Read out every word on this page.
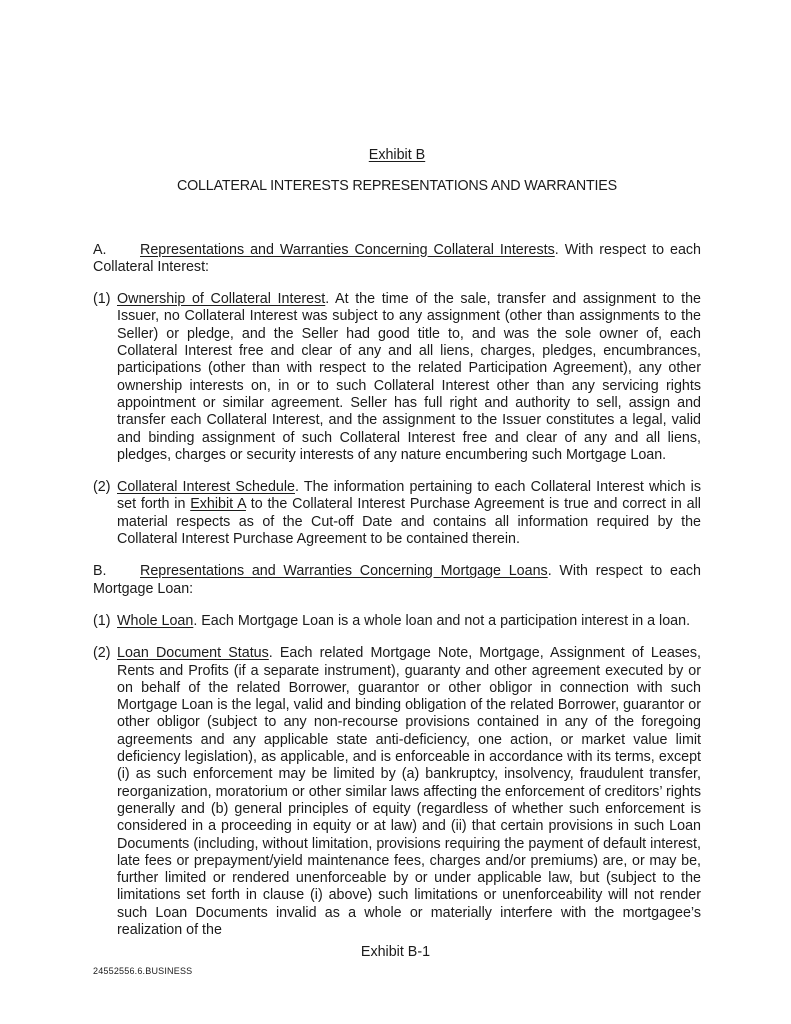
Exhibit B
COLLATERAL INTERESTS REPRESENTATIONS AND WARRANTIES

A. Representations and Warranties Concerning Collateral Interests. With respect to each Collateral Interest:

(1) Ownership of Collateral Interest. At the time of the sale, transfer and assignment to the Issuer, no Collateral Interest was subject to any assignment (other than assignments to the Seller) or pledge, and the Seller had good title to, and was the sole owner of, each Collateral Interest free and clear of any and all liens, charges, pledges, encumbrances, participations (other than with respect to the related Participation Agreement), any other ownership interests on, in or to such Collateral Interest other than any servicing rights appointment or similar agreement. Seller has full right and authority to sell, assign and transfer each Collateral Interest, and the assignment to the Issuer constitutes a legal, valid and binding assignment of such Collateral Interest free and clear of any and all liens, pledges, charges or security interests of any nature encumbering such Mortgage Loan.

(2) Collateral Interest Schedule. The information pertaining to each Collateral Interest which is set forth in Exhibit A to the Collateral Interest Purchase Agreement is true and correct in all material respects as of the Cut-off Date and contains all information required by the Collateral Interest Purchase Agreement to be contained therein.

B. Representations and Warranties Concerning Mortgage Loans. With respect to each Mortgage Loan:

(1) Whole Loan. Each Mortgage Loan is a whole loan and not a participation interest in a loan.

(2) Loan Document Status. Each related Mortgage Note, Mortgage, Assignment of Leases, Rents and Profits (if a separate instrument), guaranty and other agreement executed by or on behalf of the related Borrower, guarantor or other obligor in connection with such Mortgage Loan is the legal, valid and binding obligation of the related Borrower, guarantor or other obligor (subject to any non-recourse provisions contained in any of the foregoing agreements and any applicable state anti-deficiency, one action, or market value limit deficiency legislation), as applicable, and is enforceable in accordance with its terms, except (i) as such enforcement may be limited by (a) bankruptcy, insolvency, fraudulent transfer, reorganization, moratorium or other similar laws affecting the enforcement of creditors’ rights generally and (b) general principles of equity (regardless of whether such enforcement is considered in a proceeding in equity or at law) and (ii) that certain provisions in such Loan Documents (including, without limitation, provisions requiring the payment of default interest, late fees or prepayment/yield maintenance fees, charges and/or premiums) are, or may be, further limited or rendered unenforceable by or under applicable law, but (subject to the limitations set forth in clause (i) above) such limitations or unenforceability will not render such Loan Documents invalid as a whole or materially interfere with the mortgagee’s realization of the

Exhibit B-1
24552556.6.BUSINESS
